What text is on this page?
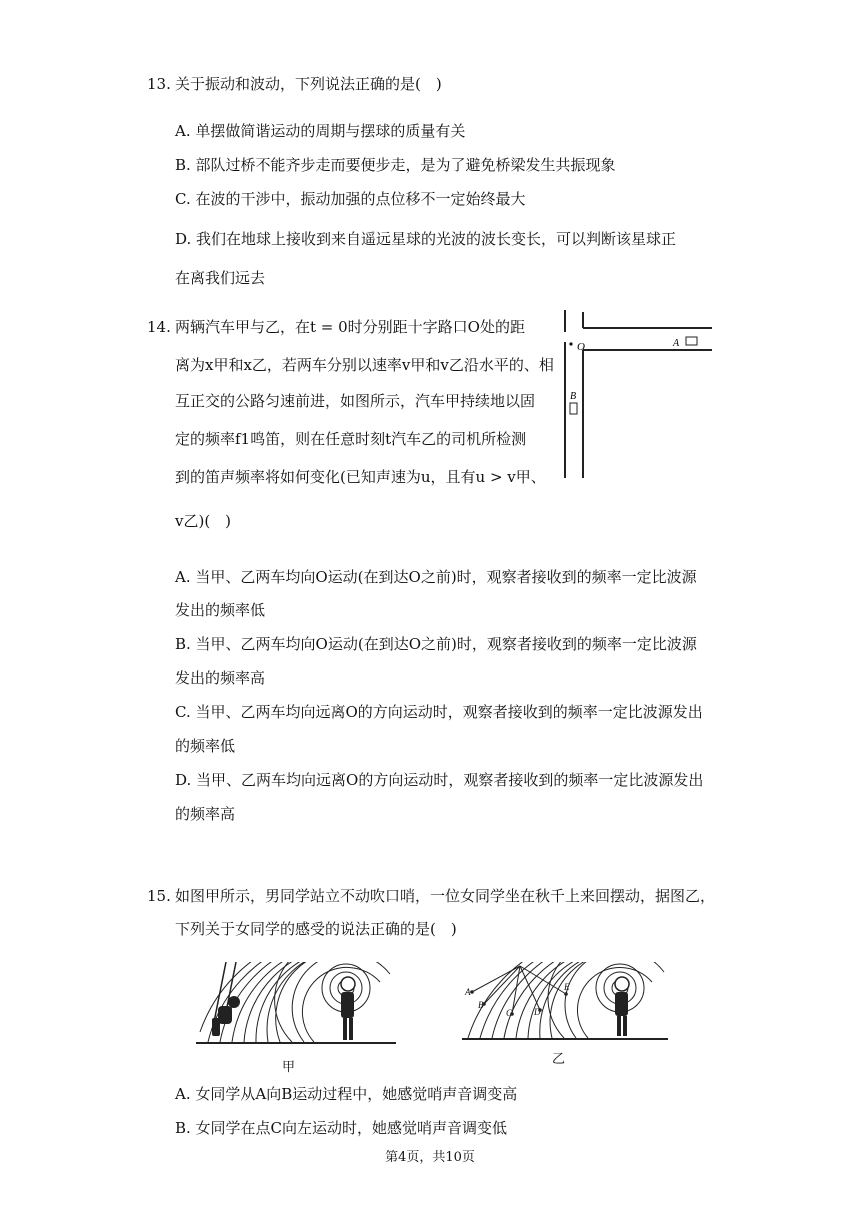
13. 关于振动和波动，下列说法正确的是(　)
A. 单摆做简谐运动的周期与摆球的质量有关
B. 部队过桥不能齐步走而要便步走，是为了避免桥梁发生共振现象
C. 在波的干涉中，振动加强的点位移不一定始终最大
D. 我们在地球上接收到来自遥远星球的光波的波长变长，可以判断该星球正
在离我们远去
14. 两辆汽车甲与乙，在t = 0时分别距十字路口O处的距
离为x甲和x乙，若两车分别以速率v甲和v乙沿水平的、相
互正交的公路匀速前进，如图所示，汽车甲持续地以固
定的频率f1鸣笛，则在任意时刻t汽车乙的司机所检测
到的笛声频率将如何变化(已知声速为u，且有u > v甲、
v乙)(　)
O	A
B
A. 当甲、乙两车均向O运动(在到达O之前)时，观察者接收到的频率一定比波源
发出的频率低
B. 当甲、乙两车均向O运动(在到达O之前)时，观察者接收到的频率一定比波源
发出的频率高
C. 当甲、乙两车均向远离O的方向运动时，观察者接收到的频率一定比波源发出
的频率低
D. 当甲、乙两车均向远离O的方向运动时，观察者接收到的频率一定比波源发出
的频率高
15. 如图甲所示，男同学站立不动吹口哨，一位女同学坐在秋千上来回摆动，据图乙，
下列关于女同学的感受的说法正确的是(　)
甲
A
B
C D
E
乙
A. 女同学从A向B运动过程中，她感觉哨声音调变高
B. 女同学在点C向左运动时，她感觉哨声音调变低
第4页，共10页
